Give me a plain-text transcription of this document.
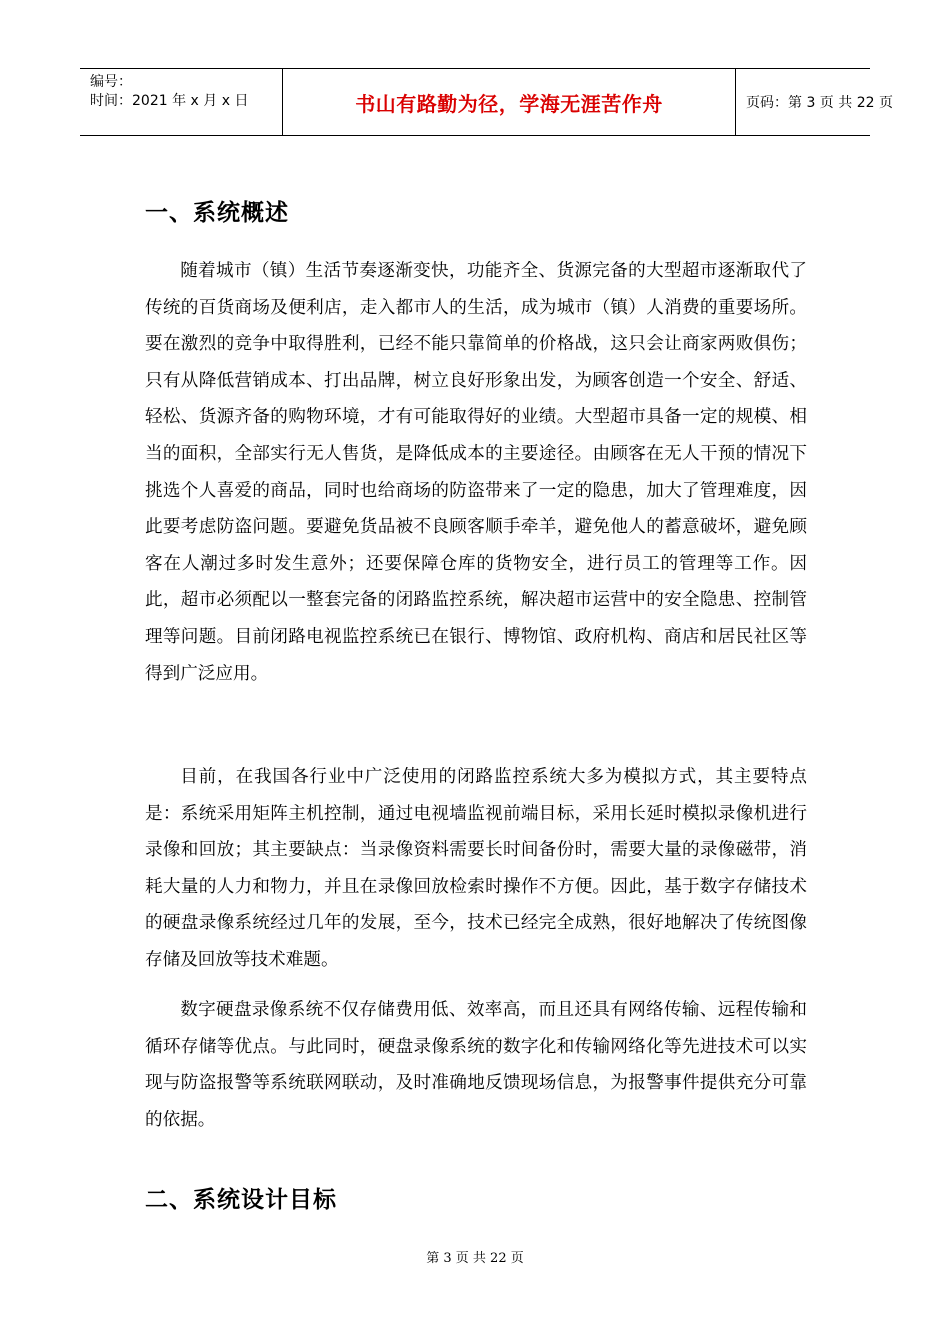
编号：
时间：2021 年 x 月 x 日	书山有路勤为径，学海无涯苦作舟	页码：第 3 页 共 22 页
一、系统概述

随着城市（镇）生活节奏逐渐变快，功能齐全、货源完备的大型超市逐渐取代了传统的百货商场及便利店，走入都市人的生活，成为城市（镇）人消费的重要场所。要在激烈的竞争中取得胜利，已经不能只靠简单的价格战，这只会让商家两败俱伤；只有从降低营销成本、打出品牌，树立良好形象出发，为顾客创造一个安全、舒适、轻松、货源齐备的购物环境，才有可能取得好的业绩。大型超市具备一定的规模、相当的面积，全部实行无人售货，是降低成本的主要途径。由顾客在无人干预的情况下挑选个人喜爱的商品，同时也给商场的防盗带来了一定的隐患，加大了管理难度，因此要考虑防盗问题。要避免货品被不良顾客顺手牵羊，避免他人的蓄意破坏，避免顾客在人潮过多时发生意外；还要保障仓库的货物安全，进行员工的管理等工作。因此，超市必须配以一整套完备的闭路监控系统，解决超市运营中的安全隐患、控制管理等问题。目前闭路电视监控系统已在银行、博物馆、政府机构、商店和居民社区等得到广泛应用。

目前，在我国各行业中广泛使用的闭路监控系统大多为模拟方式，其主要特点是：系统采用矩阵主机控制，通过电视墙监视前端目标，采用长延时模拟录像机进行录像和回放；其主要缺点：当录像资料需要长时间备份时，需要大量的录像磁带，消耗大量的人力和物力，并且在录像回放检索时操作不方便。因此，基于数字存储技术的硬盘录像系统经过几年的发展，至今，技术已经完全成熟，很好地解决了传统图像存储及回放等技术难题。

数字硬盘录像系统不仅存储费用低、效率高，而且还具有网络传输、远程传输和循环存储等优点。与此同时，硬盘录像系统的数字化和传输网络化等先进技术可以实现与防盗报警等系统联网联动，及时准确地反馈现场信息，为报警事件提供充分可靠的依据。

二、系统设计目标
第 3 页 共 22 页
